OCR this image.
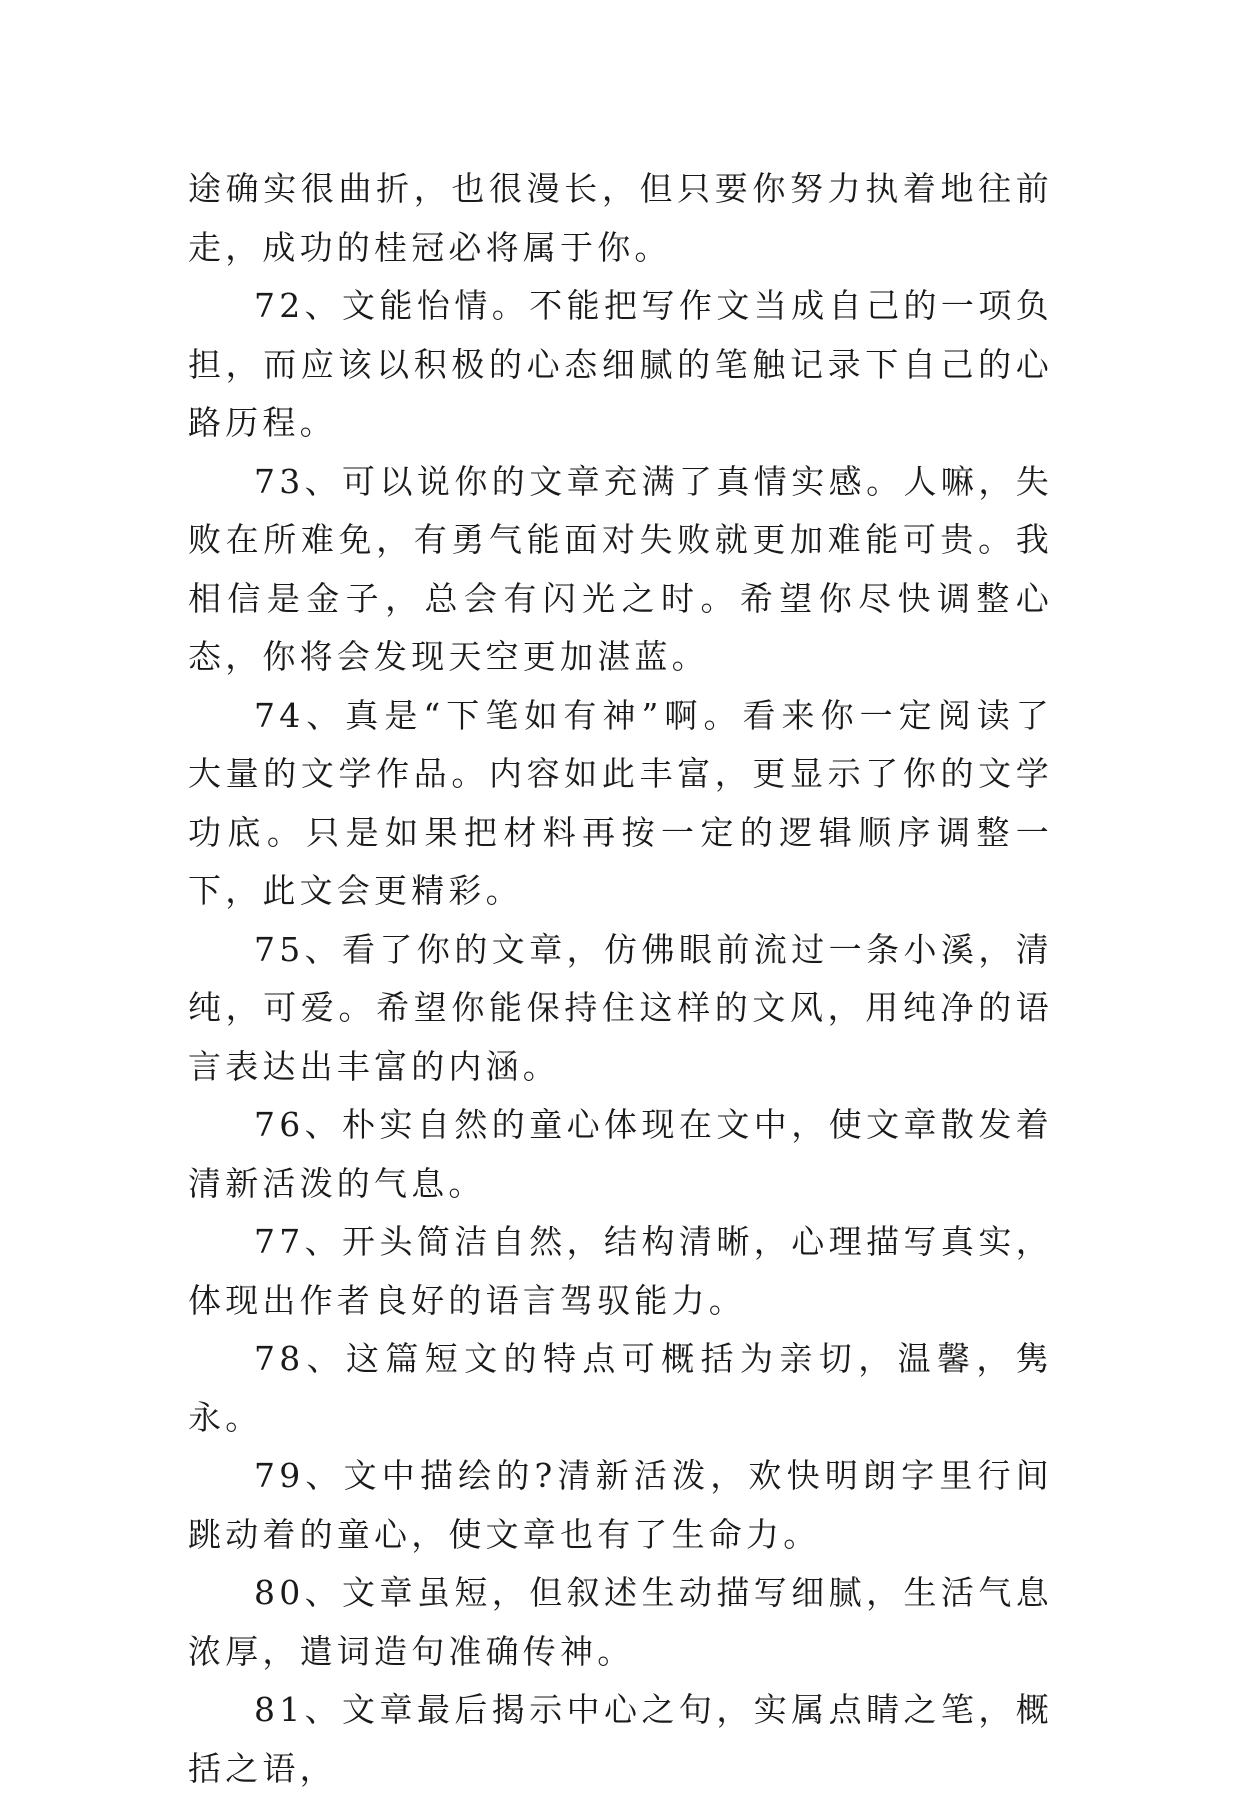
途确实很曲折，也很漫长，但只要你努力执着地往前走，成功的桂冠必将属于你。

72、文能怡情。不能把写作文当成自己的一项负担，而应该以积极的心态细腻的笔触记录下自己的心路历程。

73、可以说你的文章充满了真情实感。人嘛，失败在所难免，有勇气能面对失败就更加难能可贵。我相信是金子，总会有闪光之时。希望你尽快调整心态，你将会发现天空更加湛蓝。

74、真是“下笔如有神”啊。看来你一定阅读了大量的文学作品。内容如此丰富，更显示了你的文学功底。只是如果把材料再按一定的逻辑顺序调整一下，此文会更精彩。

75、看了你的文章，仿佛眼前流过一条小溪，清纯，可爱。希望你能保持住这样的文风，用纯净的语言表达出丰富的内涵。

76、朴实自然的童心体现在文中，使文章散发着清新活泼的气息。

77、开头简洁自然，结构清晰，心理描写真实，体现出作者良好的语言驾驭能力。

78、这篇短文的特点可概括为亲切，温馨，隽永。

79、文中描绘的?清新活泼，欢快明朗字里行间跳动着的童心，使文章也有了生命力。

80、文章虽短，但叙述生动描写细腻，生活气息浓厚，遣词造句准确传神。

81、文章最后揭示中心之句，实属点睛之笔，概括之语，
